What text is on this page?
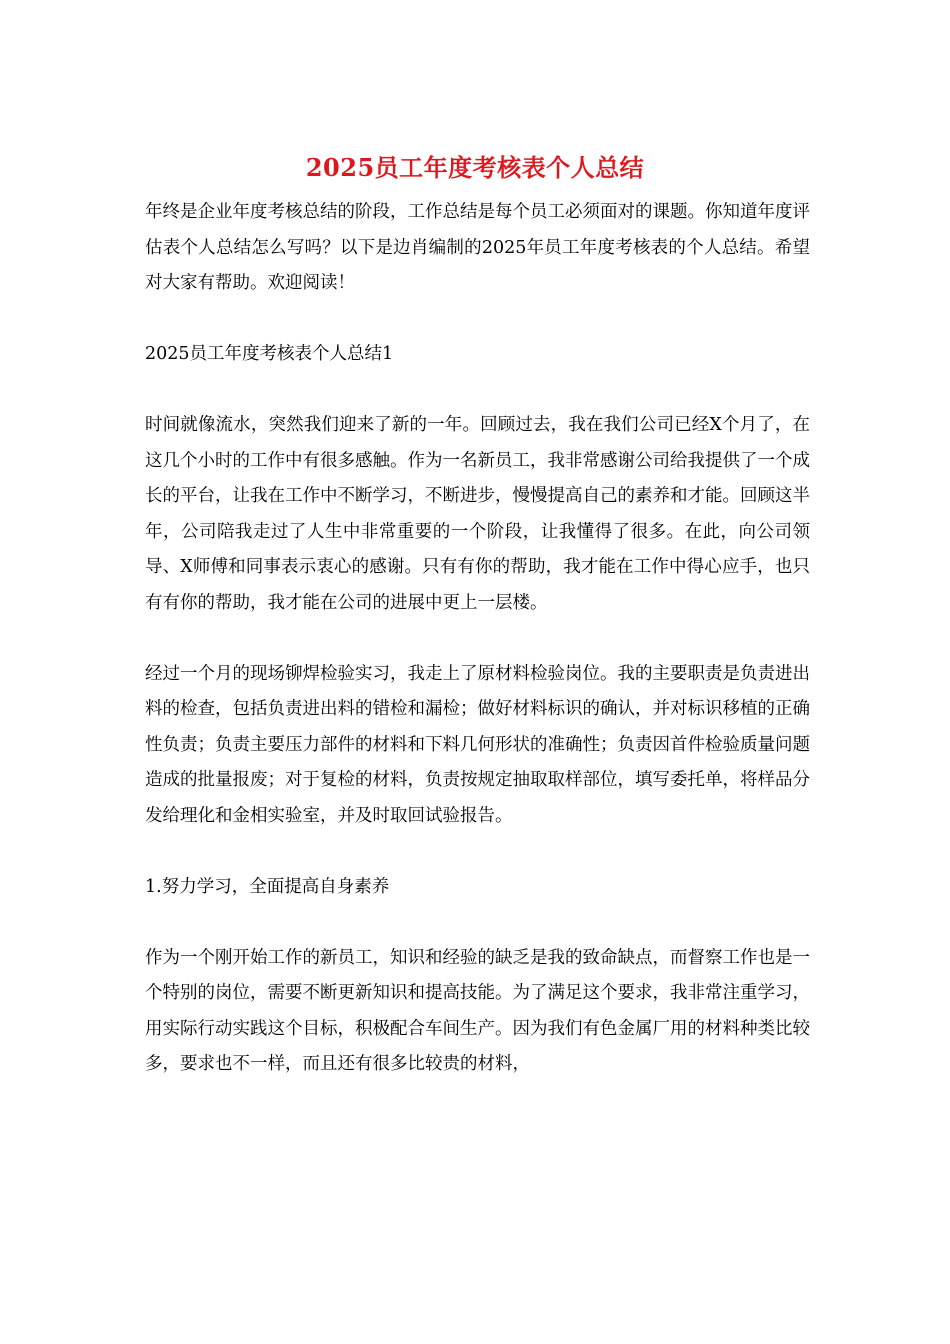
2025员工年度考核表个人总结

年终是企业年度考核总结的阶段，工作总结是每个员工必须面对的课题。你知道年度评估表个人总结怎么写吗？以下是边肖编制的2025年员工年度考核表的个人总结。希望对大家有帮助。欢迎阅读！

2025员工年度考核表个人总结1

时间就像流水，突然我们迎来了新的一年。回顾过去，我在我们公司已经X个月了，在这几个小时的工作中有很多感触。作为一名新员工，我非常感谢公司给我提供了一个成长的平台，让我在工作中不断学习，不断进步，慢慢提高自己的素养和才能。回顾这半年，公司陪我走过了人生中非常重要的一个阶段，让我懂得了很多。在此，向公司领导、X师傅和同事表示衷心的感谢。只有有你的帮助，我才能在工作中得心应手，也只有有你的帮助，我才能在公司的进展中更上一层楼。

经过一个月的现场铆焊检验实习，我走上了原材料检验岗位。我的主要职责是负责进出料的检查，包括负责进出料的错检和漏检；做好材料标识的确认，并对标识移植的正确性负责；负责主要压力部件的材料和下料几何形状的准确性；负责因首件检验质量问题造成的批量报废；对于复检的材料，负责按规定抽取取样部位，填写委托单，将样品分发给理化和金相实验室，并及时取回试验报告。

1.努力学习，全面提高自身素养

作为一个刚开始工作的新员工，知识和经验的缺乏是我的致命缺点，而督察工作也是一个特别的岗位，需要不断更新知识和提高技能。为了满足这个要求，我非常注重学习，用实际行动实践这个目标，积极配合车间生产。因为我们有色金属厂用的材料种类比较多，要求也不一样，而且还有很多比较贵的材料，
